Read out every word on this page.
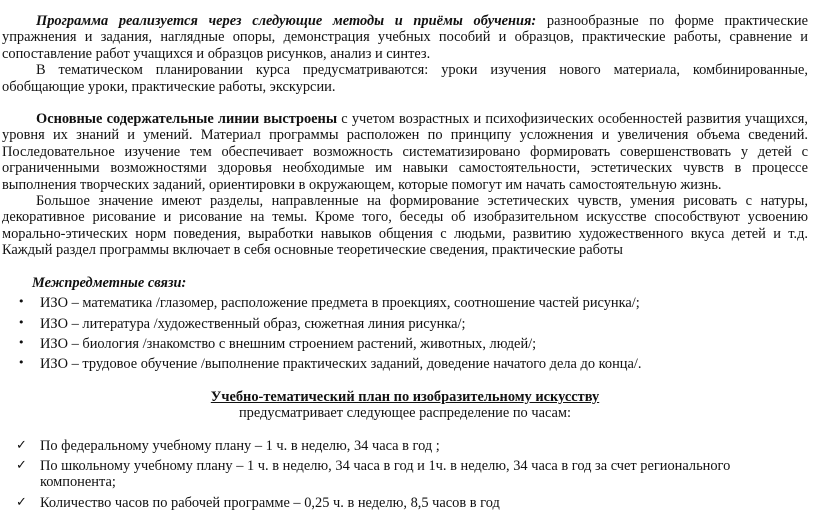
Программа реализуется через следующие методы и приёмы обучения: разнообразные по форме практические упражнения и задания, наглядные опоры, демонстрация учебных пособий и образцов, практические работы, сравнение и сопоставление работ учащихся и образцов рисунков, анализ и синтез.

В тематическом планировании курса предусматриваются: уроки изучения нового материала, комбинированные, обобщающие уроки, практические работы, экскурсии.

Основные содержательные линии выстроены с учетом возрастных и психофизических особенностей развития учащихся, уровня их знаний и умений. Материал программы расположен по принципу усложнения и увеличения объема сведений. Последовательное изучение тем обеспечивает возможность систематизировано формировать совершенствовать у детей с ограниченными возможностями здоровья необходимые им навыки самостоятельности, эстетических чувств в процессе выполнения творческих заданий, ориентировки в окружающем, которые помогут им начать самостоятельную жизнь.

Большое значение имеют разделы, направленные на формирование эстетических чувств, умения рисовать с натуры, декоративное рисование и рисование на темы. Кроме того, беседы об изобразительном искусстве способствуют усвоению морально-этических норм поведения, выработки навыков общения с людьми, развитию художественного вкуса детей и т.д. Каждый раздел программы включает в себя основные теоретические сведения, практические работы

Межпредметные связи:
• ИЗО – математика /глазомер, расположение предмета в проекциях, соотношение частей рисунка/;
• ИЗО – литература /художественный образ, сюжетная линия рисунка/;
• ИЗО – биология /знакомство с внешним строением растений, животных, людей/;
• ИЗО – трудовое обучение /выполнение практических заданий, доведение начатого дела до конца/.
Учебно-тематический план по изобразительному искусству
предусматривает следующее распределение по часам:
✓ По федеральному учебному плану – 1 ч. в неделю, 34 часа в год ;
✓ По школьному учебному плану – 1 ч. в неделю, 34 часа в год и 1ч. в неделю, 34 часа в год за счет регионального компонента;
✓ Количество часов по рабочей программе – 0,25 ч. в неделю, 8,5 часов в год
